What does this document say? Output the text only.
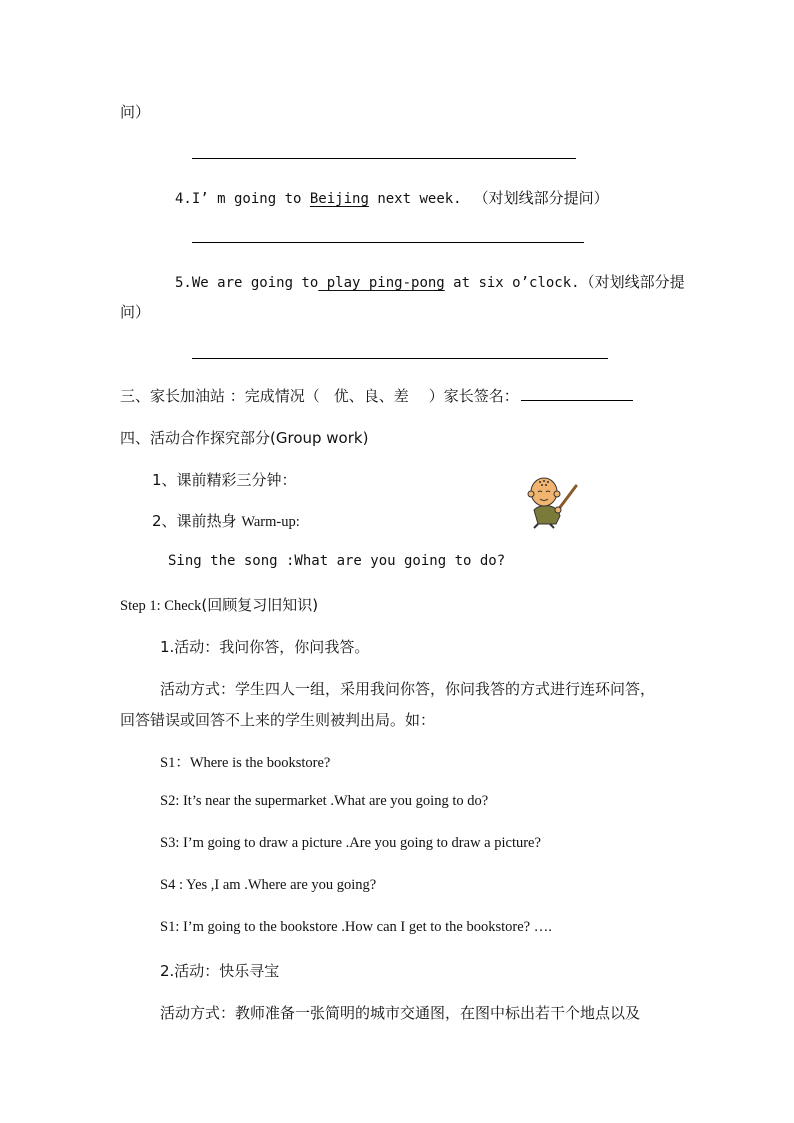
问）
4.I’ m going to Beijing next week. （对划线部分提问）
5.We are going to play ping-pong at six o’clock.（对划线部分提
问）
三、家长加油站 ：完成情况（ 优、良、差 ）家长签名：
四、活动合作探究部分(Group work)
1、课前精彩三分钟：
2、课前热身 Warm-up:
Sing the song :What are you going to do?
Step 1: Check(回顾复习旧知识)
1.活动：我问你答，你问我答。
活动方式：学生四人一组，采用我问你答，你问我答的方式进行连环问答，
回答错误或回答不上来的学生则被判出局。如：
S1：Where is the bookstore?
S2: It’s near the supermarket .What are you going to do?
S3: I’m going to draw a picture .Are you going to draw a picture?
S4 : Yes ,I am .Where are you going?
S1: I’m going to the bookstore .How can I get to the bookstore? ….
2.活动：快乐寻宝
活动方式：教师准备一张简明的城市交通图，在图中标出若干个地点以及
